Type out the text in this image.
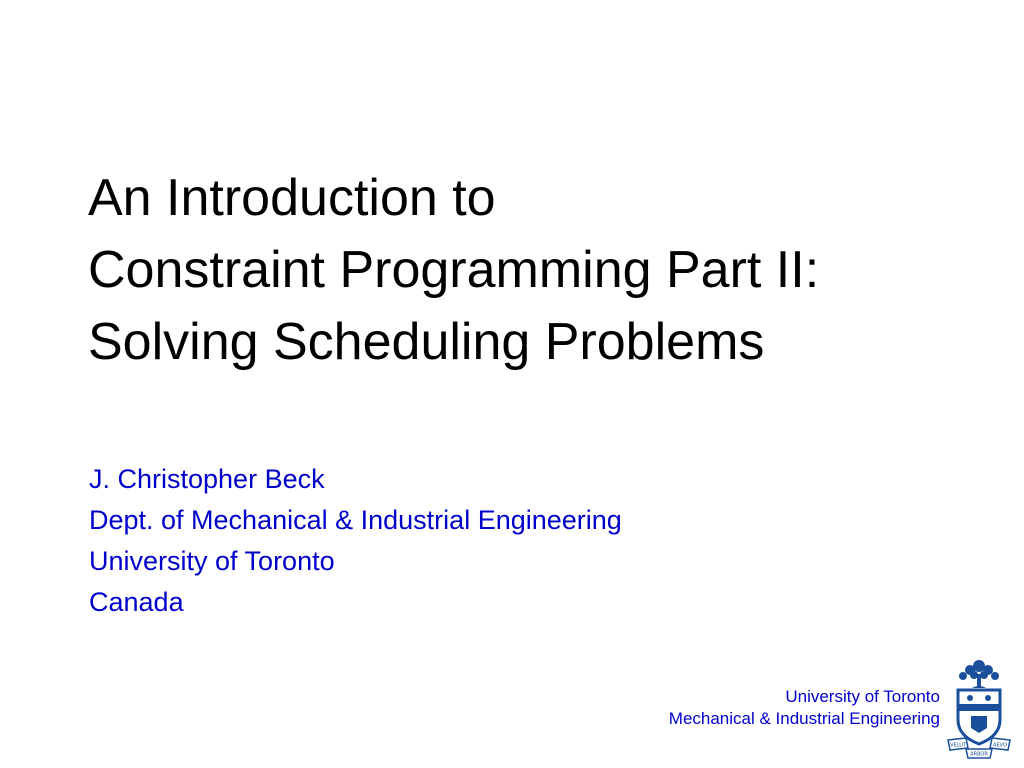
An Introduction to
Constraint Programming Part II:
Solving Scheduling Problems
J. Christopher Beck
Dept. of Mechanical & Industrial Engineering
University of Toronto
Canada
University of Toronto
Mechanical & Industrial Engineering
VELUT	AEVO
ARBOR
